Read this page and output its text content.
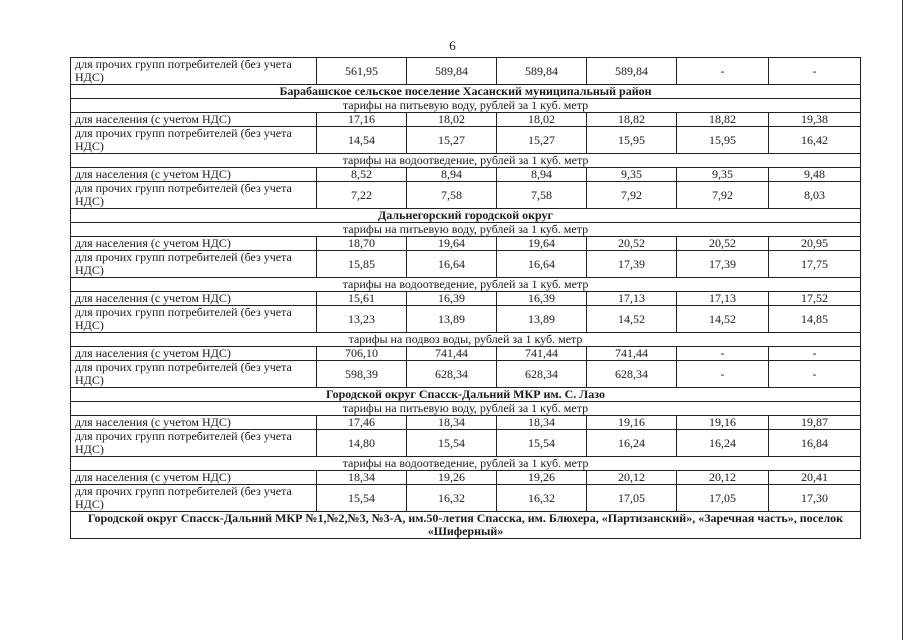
6
для прочих групп потребителей (без учета НДС)	561,95	589,84	589,84	589,84	-	-
Барабашское сельское поселение Хасанский муниципальный район						
тарифы на питьевую воду, рублей за 1 куб. метр						
для населения (с учетом НДС)	17,16	18,02	18,02	18,82	18,82	19,38
для прочих групп потребителей (без учета НДС)	14,54	15,27	15,27	15,95	15,95	16,42
тарифы на водоотведение, рублей за 1 куб. метр						
для населения (с учетом НДС)	8,52	8,94	8,94	9,35	9,35	9,48
для прочих групп потребителей (без учета НДС)	7,22	7,58	7,58	7,92	7,92	8,03
Дальнегорский городской округ						
тарифы на питьевую воду, рублей за 1 куб. метр						
для населения (с учетом НДС)	18,70	19,64	19,64	20,52	20,52	20,95
для прочих групп потребителей (без учета НДС)	15,85	16,64	16,64	17,39	17,39	17,75
тарифы на водоотведение, рублей за 1 куб. метр						
для населения (с учетом НДС)	15,61	16,39	16,39	17,13	17,13	17,52
для прочих групп потребителей (без учета НДС)	13,23	13,89	13,89	14,52	14,52	14,85
тарифы на подвоз воды, рублей за 1 куб. метр						
для населения (с учетом НДС)	706,10	741,44	741,44	741,44	-	-
для прочих групп потребителей (без учета НДС)	598,39	628,34	628,34	628,34	-	-
Городской округ Спасск-Дальний МКР им. С. Лазо						
тарифы на питьевую воду, рублей за 1 куб. метр						
для населения (с учетом НДС)	17,46	18,34	18,34	19,16	19,16	19,87
для прочих групп потребителей (без учета НДС)	14,80	15,54	15,54	16,24	16,24	16,84
тарифы на водоотведение, рублей за 1 куб. метр						
для населения (с учетом НДС)	18,34	19,26	19,26	20,12	20,12	20,41
для прочих групп потребителей (без учета НДС)	15,54	16,32	16,32	17,05	17,05	17,30
Городской округ Спасск-Дальний МКР №1,№2,№3, №3-А, им.50-летия Спасска, им. Блюхера, «Партизанский», «Заречная часть», поселок «Шиферный»						
